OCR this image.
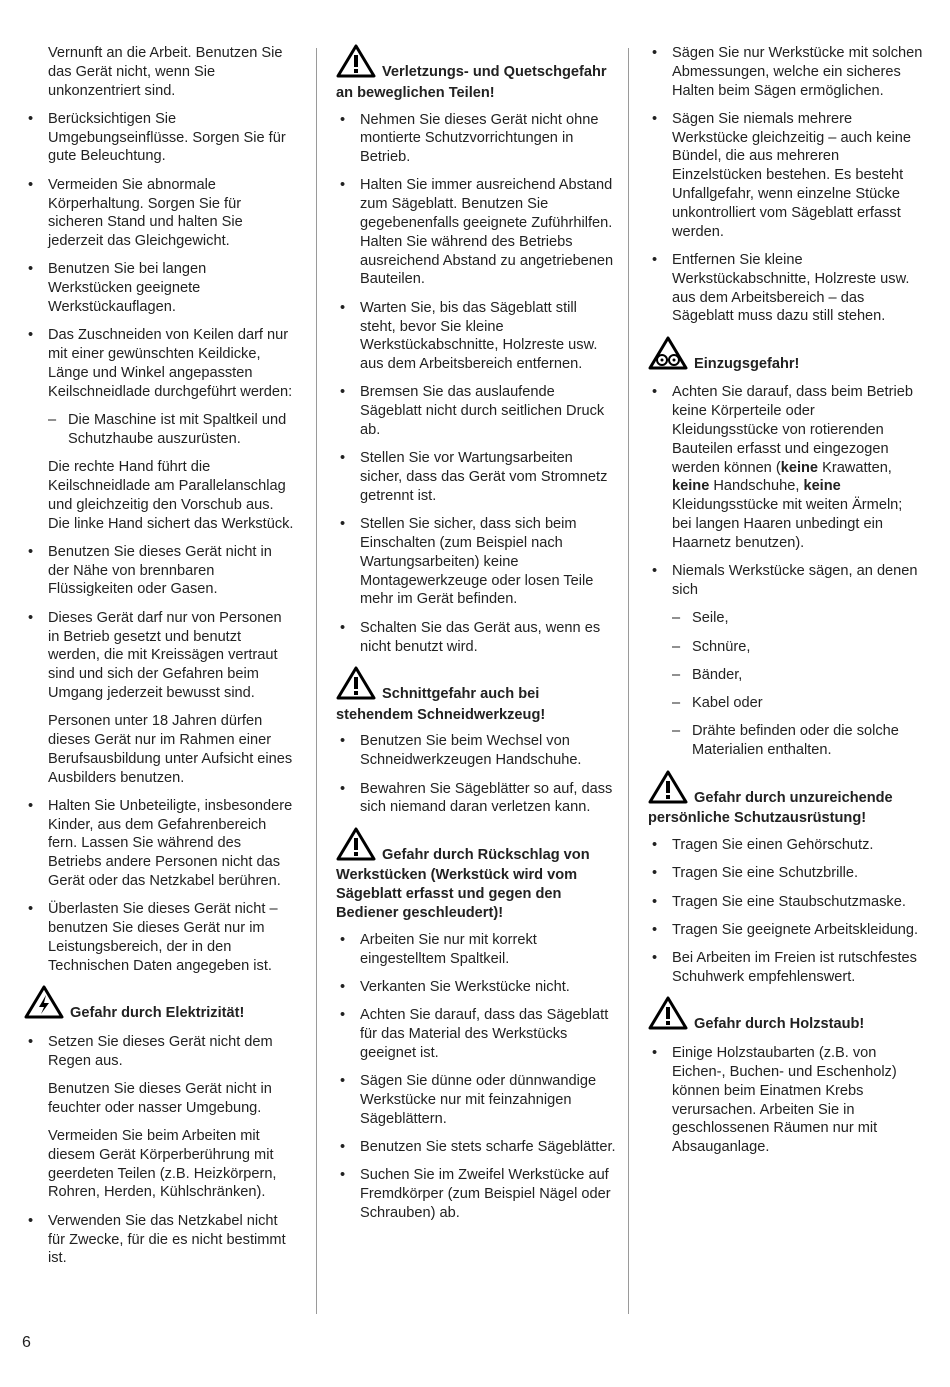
Vernunft an die Arbeit. Benutzen Sie das Gerät nicht, wenn Sie unkonzentriert sind.
• Berücksichtigen Sie Umgebungseinflüsse. Sorgen Sie für gute Beleuchtung.
• Vermeiden Sie abnormale Körperhaltung. Sorgen Sie für sicheren Stand und halten Sie jederzeit das Gleichgewicht.
• Benutzen Sie bei langen Werkstücken geeignete Werkstückauflagen.
• Das Zuschneiden von Keilen darf nur mit einer gewünschten Keildicke, Länge und Winkel angepassten Keilschneidlade durchgeführt werden:
– Die Maschine ist mit Spaltkeil und Schutzhaube auszurüsten.
Die rechte Hand führt die Keilschneidlade am Parallelanschlag und gleichzeitig den Vorschub aus. Die linke Hand sichert das Werkstück.
• Benutzen Sie dieses Gerät nicht in der Nähe von brennbaren Flüssigkeiten oder Gasen.
• Dieses Gerät darf nur von Personen in Betrieb gesetzt und benutzt werden, die mit Kreissägen vertraut sind und sich der Gefahren beim Umgang jederzeit bewusst sind.
Personen unter 18 Jahren dürfen dieses Gerät nur im Rahmen einer Berufsausbildung unter Aufsicht eines Ausbilders benutzen.
• Halten Sie Unbeteiligte, insbesondere Kinder, aus dem Gefahrenbereich fern. Lassen Sie während des Betriebs andere Personen nicht das Gerät oder das Netzkabel berühren.
• Überlasten Sie dieses Gerät nicht – benutzen Sie dieses Gerät nur im Leistungsbereich, der in den Technischen Daten angegeben ist.
Gefahr durch Elektrizität!
• Setzen Sie dieses Gerät nicht dem Regen aus.
Benutzen Sie dieses Gerät nicht in feuchter oder nasser Umgebung.
Vermeiden Sie beim Arbeiten mit diesem Gerät Körperberührung mit geerdeten Teilen (z.B. Heizkörpern, Rohren, Herden, Kühlschränken).
• Verwenden Sie das Netzkabel nicht für Zwecke, für die es nicht bestimmt ist.
Verletzungs- und Quetschgefahr an beweglichen Teilen!
• Nehmen Sie dieses Gerät nicht ohne montierte Schutzvorrichtungen in Betrieb.
• Halten Sie immer ausreichend Abstand zum Sägeblatt. Benutzen Sie gegebenenfalls geeignete Zuführhilfen. Halten Sie während des Betriebs ausreichend Abstand zu angetriebenen Bauteilen.
• Warten Sie, bis das Sägeblatt still steht, bevor Sie kleine Werkstückabschnitte, Holzreste usw. aus dem Arbeitsbereich entfernen.
• Bremsen Sie das auslaufende Sägeblatt nicht durch seitlichen Druck ab.
• Stellen Sie vor Wartungsarbeiten sicher, dass das Gerät vom Stromnetz getrennt ist.
• Stellen Sie sicher, dass sich beim Einschalten (zum Beispiel nach Wartungsarbeiten) keine Montagewerkzeuge oder losen Teile mehr im Gerät befinden.
• Schalten Sie das Gerät aus, wenn es nicht benutzt wird.
Schnittgefahr auch bei stehendem Schneidwerkzeug!
• Benutzen Sie beim Wechsel von Schneidwerkzeugen Handschuhe.
• Bewahren Sie Sägeblätter so auf, dass sich niemand daran verletzen kann.
Gefahr durch Rückschlag von Werkstücken (Werkstück wird vom Sägeblatt erfasst und gegen den Bediener geschleudert)!
• Arbeiten Sie nur mit korrekt eingestelltem Spaltkeil.
• Verkanten Sie Werkstücke nicht.
• Achten Sie darauf, dass das Sägeblatt für das Material des Werkstücks geeignet ist.
• Sägen Sie dünne oder dünnwandige Werkstücke nur mit feinzahnigen Sägeblättern.
• Benutzen Sie stets scharfe Sägeblätter.
• Suchen Sie im Zweifel Werkstücke auf Fremdkörper (zum Beispiel Nägel oder Schrauben) ab.
• Sägen Sie nur Werkstücke mit solchen Abmessungen, welche ein sicheres Halten beim Sägen ermöglichen.
• Sägen Sie niemals mehrere Werkstücke gleichzeitig – auch keine Bündel, die aus mehreren Einzelstücken bestehen. Es besteht Unfallgefahr, wenn einzelne Stücke unkontrolliert vom Sägeblatt erfasst werden.
• Entfernen Sie kleine Werkstückabschnitte, Holzreste usw. aus dem Arbeitsbereich – das Sägeblatt muss dazu still stehen.
Einzugsgefahr!
• Achten Sie darauf, dass beim Betrieb keine Körperteile oder Kleidungsstücke von rotierenden Bauteilen erfasst und eingezogen werden können (keine Krawatten, keine Handschuhe, keine Kleidungsstücke mit weiten Ärmeln; bei langen Haaren unbedingt ein Haarnetz benutzen).
• Niemals Werkstücke sägen, an denen sich
– Seile,
– Schnüre,
– Bänder,
– Kabel oder
– Drähte befinden oder die solche Materialien enthalten.
Gefahr durch unzureichende persönliche Schutzausrüstung!
• Tragen Sie einen Gehörschutz.
• Tragen Sie eine Schutzbrille.
• Tragen Sie eine Staubschutzmaske.
• Tragen Sie geeignete Arbeitskleidung.
• Bei Arbeiten im Freien ist rutschfestes Schuhwerk empfehlenswert.
Gefahr durch Holzstaub!
• Einige Holzstaubarten (z.B. von Eichen-, Buchen- und Eschenholz) können beim Einatmen Krebs verursachen. Arbeiten Sie in geschlossenen Räumen nur mit Absauganlage.
6
